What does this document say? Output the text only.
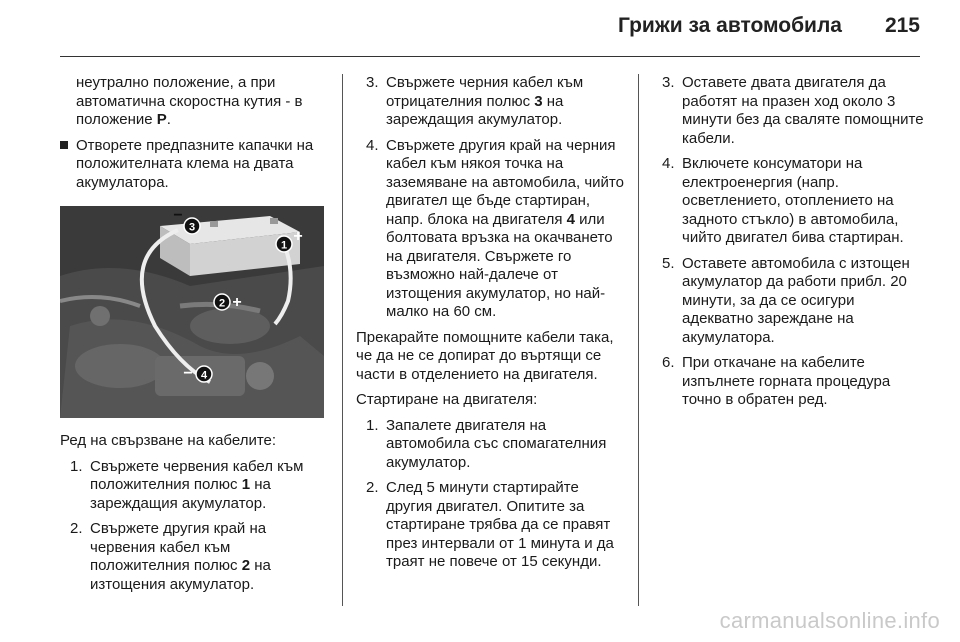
Грижи за автомобила 215

неутрално положение, а при автоматична скоростна кутия - в положение P.

Отворете предпазните капачки на положителната клема на двата акумулатора.
3
−
1
+
2 +
4
−

Ред на свързване на кабелите:

1. Свържете червения кабел към положителния полюс 1 на зареждащия акумулатор.
2. Свържете другия край на червения кабел към положителния полюс 2 на изтощения акумулатор.
3. Свържете черния кабел към отрицателния полюс 3 на зареждащия акумулатор.
4. Свържете другия край на черния кабел към някоя точка на заземяване на автомобила, чийто двигател ще бъде стартиран, напр. блока на двигателя 4 или болтовата връзка на окачването на двигателя. Свържете го възможно най-далече от изтощения акумулатор, но най-малко на 60 см.

Прекарайте помощните кабели така, че да не се допират до въртящи се части в отделението на двигателя.

Стартиране на двигателя:

1. Запалете двигателя на автомобила със спомагателния акумулатор.
2. След 5 минути стартирайте другия двигател. Опитите за стартиране трябва да се правят през интервали от 1 минута и да траят не повече от 15 секунди.
3. Оставете двата двигателя да работят на празен ход около 3 минути без да сваляте помощните кабели.
4. Включете консуматори на електроенергия (напр. осветлението, отоплението на задното стъкло) в автомобила, чийто двигател бива стартиран.
5. Оставете автомобила с изтощен акумулатор да работи прибл. 20 минути, за да се осигури адекватно зареждане на акумулатора.
6. При откачане на кабелите изпълнете горната процедура точно в обратен ред.
carmanualsonline.info
